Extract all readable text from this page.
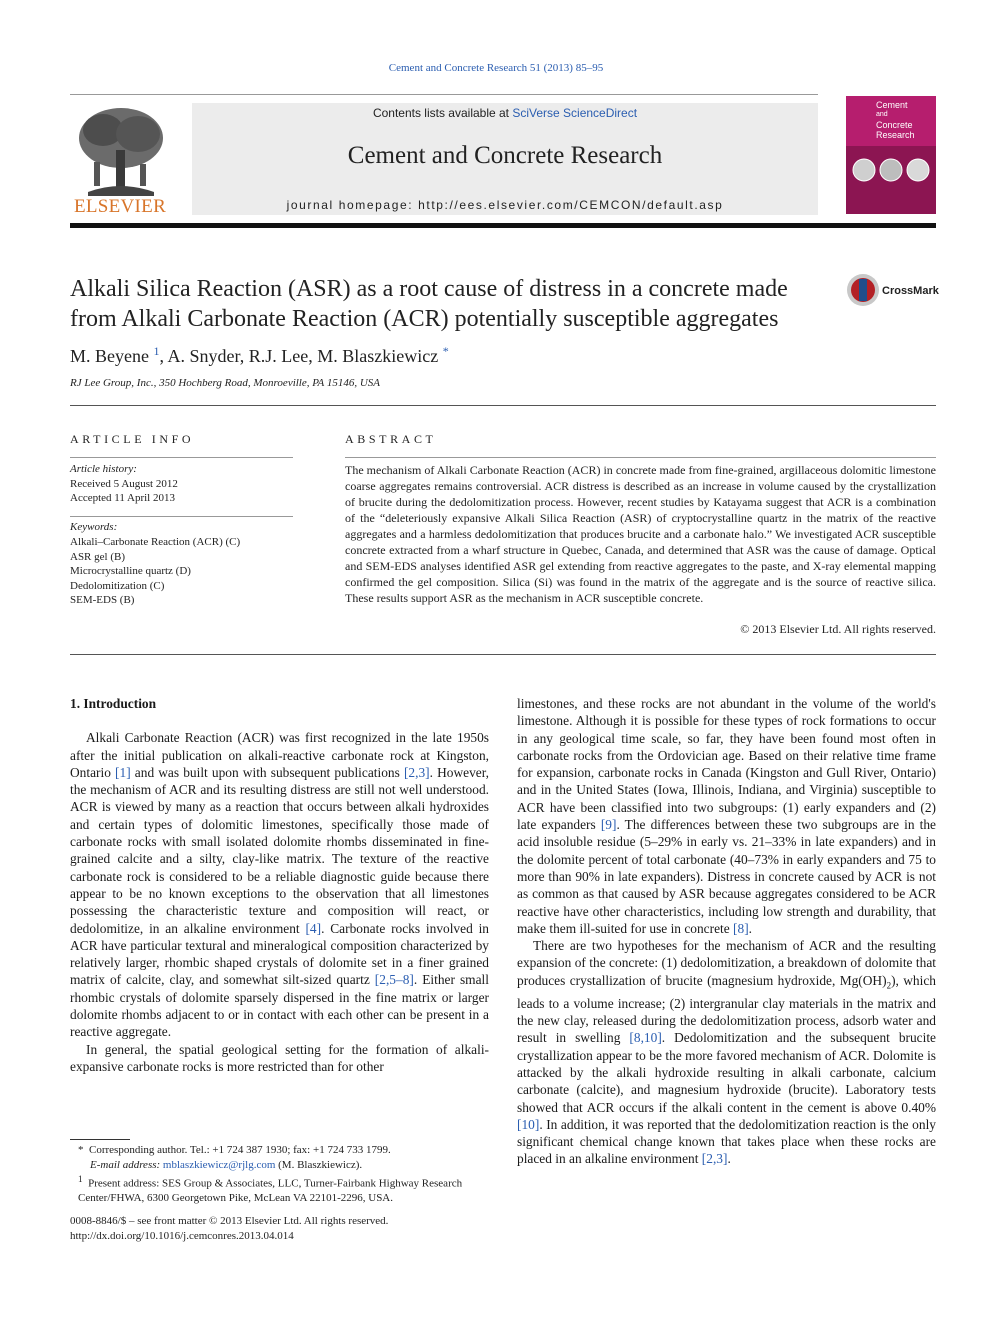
Cement and Concrete Research 51 (2013) 85–95
ELSEVIER
Contents lists available at SciVerse ScienceDirect
Cement and Concrete Research
journal homepage: http://ees.elsevier.com/CEMCON/default.asp
Cement
and
Concrete
Research
Alkali Silica Reaction (ASR) as a root cause of distress in a concrete made from Alkali Carbonate Reaction (ACR) potentially susceptible aggregates
CrossMark
M. Beyene $^1$, A. Snyder, R.J. Lee, M. Blaszkiewicz *
RJ Lee Group, Inc., 350 Hochberg Road, Monroeville, PA 15146, USA
ARTICLE INFO
Article history:
Received 5 August 2012
Accepted 11 April 2013
Keywords:
Alkali–Carbonate Reaction (ACR) (C)
ASR gel (B)
Microcrystalline quartz (D)
Dedolomitization (C)
SEM-EDS (B)
ABSTRACT
The mechanism of Alkali Carbonate Reaction (ACR) in concrete made from fine-grained, argillaceous dolomitic limestone coarse aggregates remains controversial. ACR distress is described as an increase in volume caused by the crystallization of brucite during the dedolomitization process. However, recent studies by Katayama suggest that ACR is a combination of the “deleteriously expansive Alkali Silica Reaction (ASR) of cryptocrystalline quartz in the matrix of the reactive aggregates and a harmless dedolomitization that produces brucite and a carbonate halo.” We investigated ACR susceptible concrete extracted from a wharf structure in Quebec, Canada, and determined that ASR was the cause of damage. Optical and SEM-EDS analyses identified ASR gel extending from reactive aggregates to the paste, and X-ray elemental mapping confirmed the gel composition. Silica (Si) was found in the matrix of the aggregate and is the source of reactive silica. These results support ASR as the mechanism in ACR susceptible concrete.
© 2013 Elsevier Ltd. All rights reserved.
1. Introduction

Alkali Carbonate Reaction (ACR) was first recognized in the late 1950s after the initial publication on alkali-reactive carbonate rock at Kingston, Ontario [1] and was built upon with subsequent publications [2,3]. However, the mechanism of ACR and its resulting distress are still not well understood. ACR is viewed by many as a reaction that occurs between alkali hydroxides and certain types of dolomitic limestones, specifically those made of carbonate rocks with small isolated dolomite rhombs disseminated in fine-grained calcite and a silty, clay-like matrix. The texture of the reactive carbonate rock is considered to be a reliable diagnostic guide because there appear to be no known exceptions to the observation that all limestones possessing the characteristic texture and composition will react, or dedolomitize, in an alkaline environment [4]. Carbonate rocks involved in ACR have particular textural and mineralogical composition characterized by relatively larger, rhombic shaped crystals of dolomite set in a finer grained matrix of calcite, clay, and somewhat silt-sized quartz [2,5–8]. Either small rhombic crystals of dolomite sparsely dispersed in the fine matrix or larger dolomite rhombs adjacent to or in contact with each other can be present in a reactive aggregate.

In general, the spatial geological setting for the formation of alkali-expansive carbonate rocks is more restricted than for other

limestones, and these rocks are not abundant in the volume of the world's limestone. Although it is possible for these types of rock formations to occur in any geological time scale, so far, they have been found most often in carbonate rocks from the Ordovician age. Based on their relative time frame for expansion, carbonate rocks in Canada (Kingston and Gull River, Ontario) and in the United States (Iowa, Illinois, Indiana, and Virginia) susceptible to ACR have been classified into two subgroups: (1) early expanders and (2) late expanders [9]. The differences between these two subgroups are in the acid insoluble residue (5–29% in early vs. 21–33% in late expanders) and in the dolomite percent of total carbonate (40–73% in early expanders and 75 to more than 90% in late expanders). Distress in concrete caused by ACR is not as common as that caused by ASR because aggregates considered to be ACR reactive have other characteristics, including low strength and durability, that make them ill-suited for use in concrete [8].

There are two hypotheses for the mechanism of ACR and the resulting expansion of the concrete: (1) dedolomitization, a breakdown of dolomite that produces crystallization of brucite (magnesium hydroxide, $Mg(OH)_2$), which leads to a volume increase; (2) intergranular clay materials in the matrix and the new clay, released during the dedolomitization process, adsorb water and result in swelling [8,10]. Dedolomitization and the subsequent brucite crystallization appear to be the more favored mechanism of ACR. Dolomite is attacked by the alkali hydroxide resulting in alkali carbonate, calcium carbonate (calcite), and magnesium hydroxide (brucite). Laboratory tests showed that ACR occurs if the alkali content in the cement is above 0.40% [10]. In addition, it was reported that the dedolomitization reaction is the only significant chemical change known that takes place when these rocks are placed in an alkaline environment [2,3].

* Corresponding author. Tel.: +1 724 387 1930; fax: +1 724 733 1799.
E-mail address: mblaszkiewicz@rjlg.com (M. Blaszkiewicz).
$^1$ Present address: SES Group & Associates, LLC, Turner-Fairbank Highway Research Center/FHWA, 6300 Georgetown Pike, McLean VA 22101-2296, USA.
0008-8846/$ – see front matter © 2013 Elsevier Ltd. All rights reserved.
http://dx.doi.org/10.1016/j.cemconres.2013.04.014
